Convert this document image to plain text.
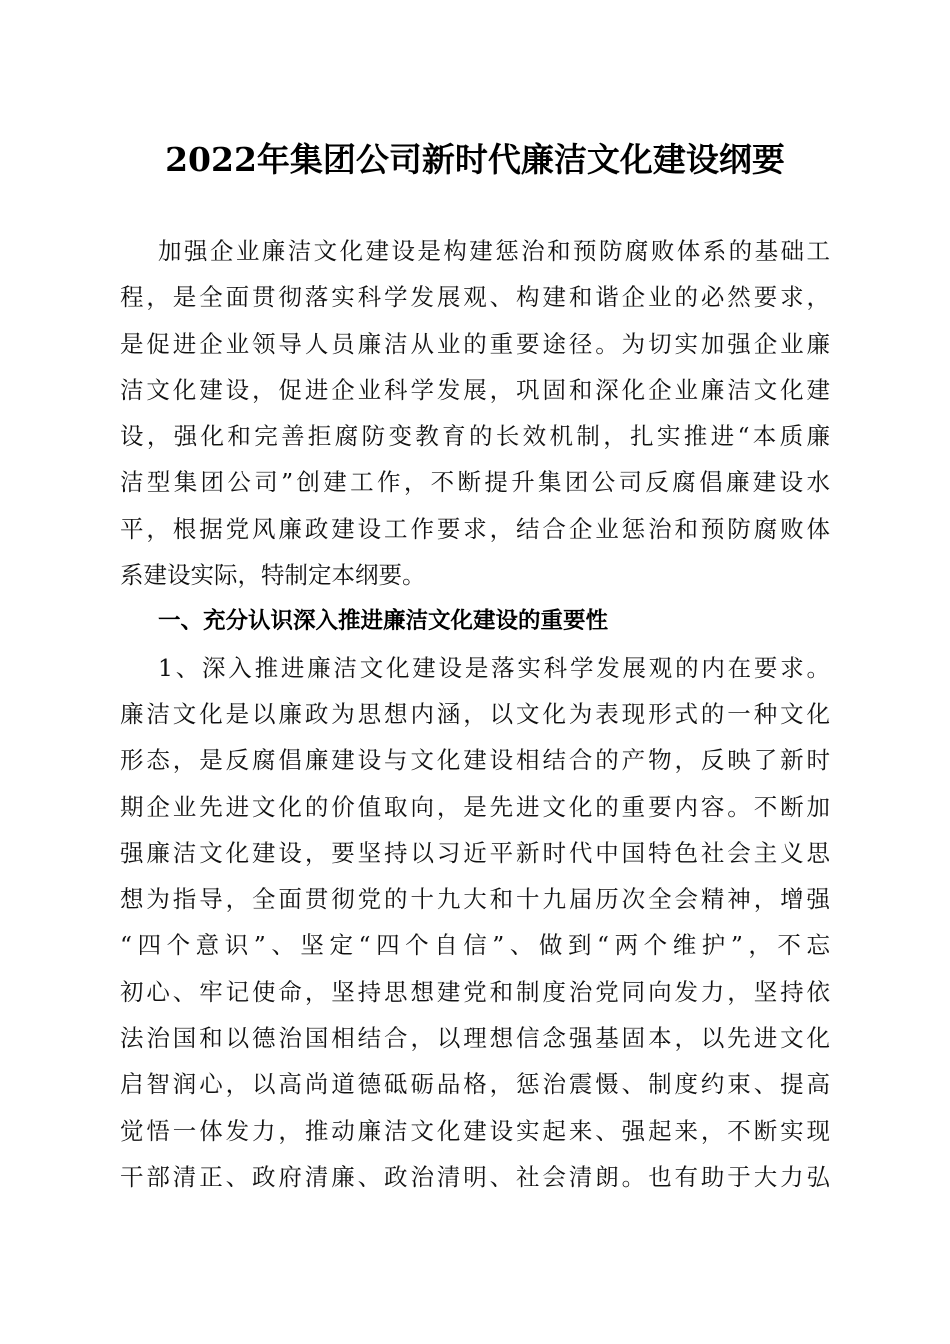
2022年集团公司新时代廉洁文化建设纲要
加强企业廉洁文化建设是构建惩治和预防腐败体系的基础工
程，是全面贯彻落实科学发展观、构建和谐企业的必然要求，
是促进企业领导人员廉洁从业的重要途径。为切实加强企业廉
洁文化建设，促进企业科学发展，巩固和深化企业廉洁文化建
设，强化和完善拒腐防变教育的长效机制，扎实推进“本质廉
洁型集团公司”创建工作，不断提升集团公司反腐倡廉建设水
平，根据党风廉政建设工作要求，结合企业惩治和预防腐败体
系建设实际，特制定本纲要。
一、充分认识深入推进廉洁文化建设的重要性
1、深入推进廉洁文化建设是落实科学发展观的内在要求。
廉洁文化是以廉政为思想内涵，以文化为表现形式的一种文化
形态，是反腐倡廉建设与文化建设相结合的产物，反映了新时
期企业先进文化的价值取向，是先进文化的重要内容。不断加
强廉洁文化建设，要坚持以习近平新时代中国特色社会主义思
想为指导，全面贯彻党的十九大和十九届历次全会精神，增强
“四个意识”、坚定“四个自信”、做到“两个维护”，不忘
初心、牢记使命，坚持思想建党和制度治党同向发力，坚持依
法治国和以德治国相结合，以理想信念强基固本，以先进文化
启智润心，以高尚道德砥砺品格，惩治震慑、制度约束、提高
觉悟一体发力，推动廉洁文化建设实起来、强起来，不断实现
干部清正、政府清廉、政治清明、社会清朗。也有助于大力弘
